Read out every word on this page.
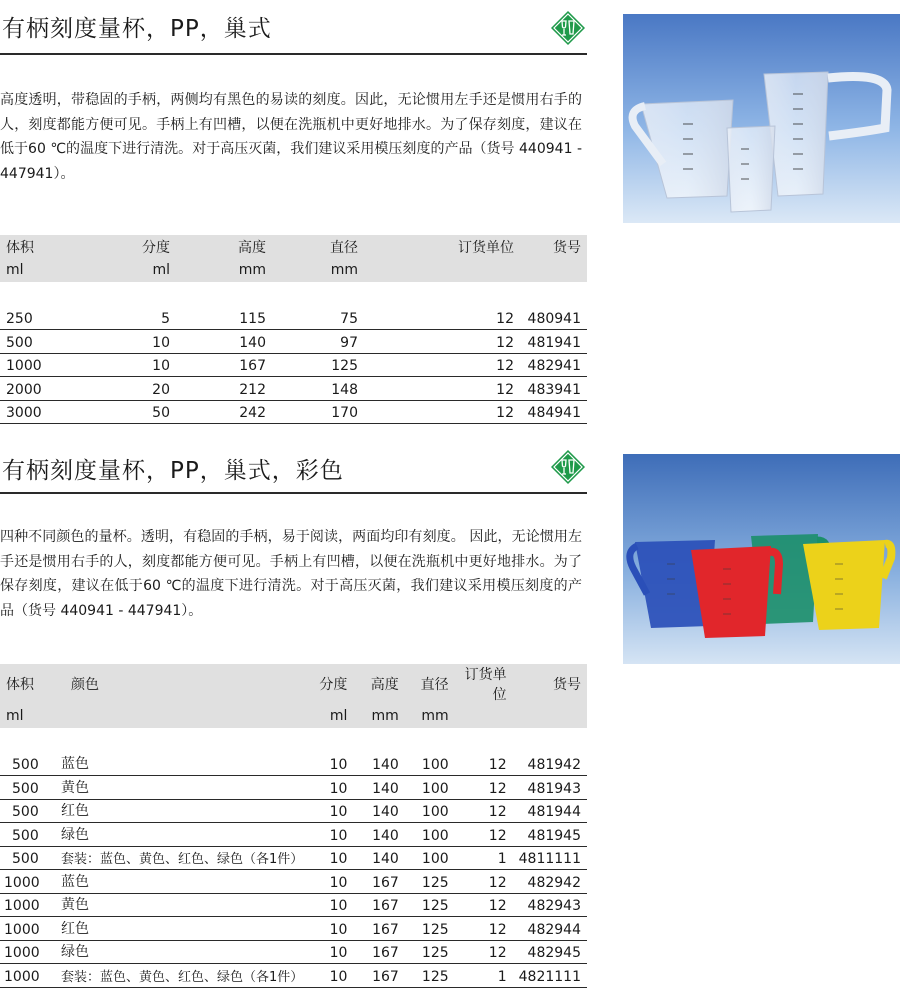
有柄刻度量杯，PP，巢式

高度透明，带稳固的手柄，两侧均有黑色的易读的刻度。因此，无论惯用左手还是惯用右手的人，刻度都能方便可见。手柄上有凹槽，以便在洗瓶机中更好地排水。为了保存刻度，建议在低于60 ℃的温度下进行清洗。对于高压灭菌，我们建议采用模压刻度的产品（货号 440941 - 447941）。

体积	分度	高度	直径	订货单位	货号
ml	ml	mm	mm		

250	5	115	75	12	480941
500	10	140	97	12	481941
1000	10	167	125	12	482941
2000	20	212	148	12	483941
3000	50	242	170	12	484941
有柄刻度量杯，PP，巢式，彩色

四种不同颜色的量杯。透明，有稳固的手柄，易于阅读，两面均印有刻度。 因此，无论惯用左手还是惯用右手的人，刻度都能方便可见。手柄上有凹槽，以便在洗瓶机中更好地排水。为了保存刻度，建议在低于60 ℃的温度下进行清洗。对于高压灭菌，我们建议采用模压刻度的产品（货号 440941 - 447941）。

体积	颜色	分度	高度	直径	订货单位	货号
ml		ml	mm	mm		

500	蓝色	10	140	100	12	481942
500	黄色	10	140	100	12	481943
500	红色	10	140	100	12	481944
500	绿色	10	140	100	12	481945
500	套装：蓝色、黄色、红色、绿色（各1件）	10	140	100	1	4811111
1000	蓝色	10	167	125	12	482942
1000	黄色	10	167	125	12	482943
1000	红色	10	167	125	12	482944
1000	绿色	10	167	125	12	482945
1000	套装：蓝色、黄色、红色、绿色（各1件）	10	167	125	1	4821111
